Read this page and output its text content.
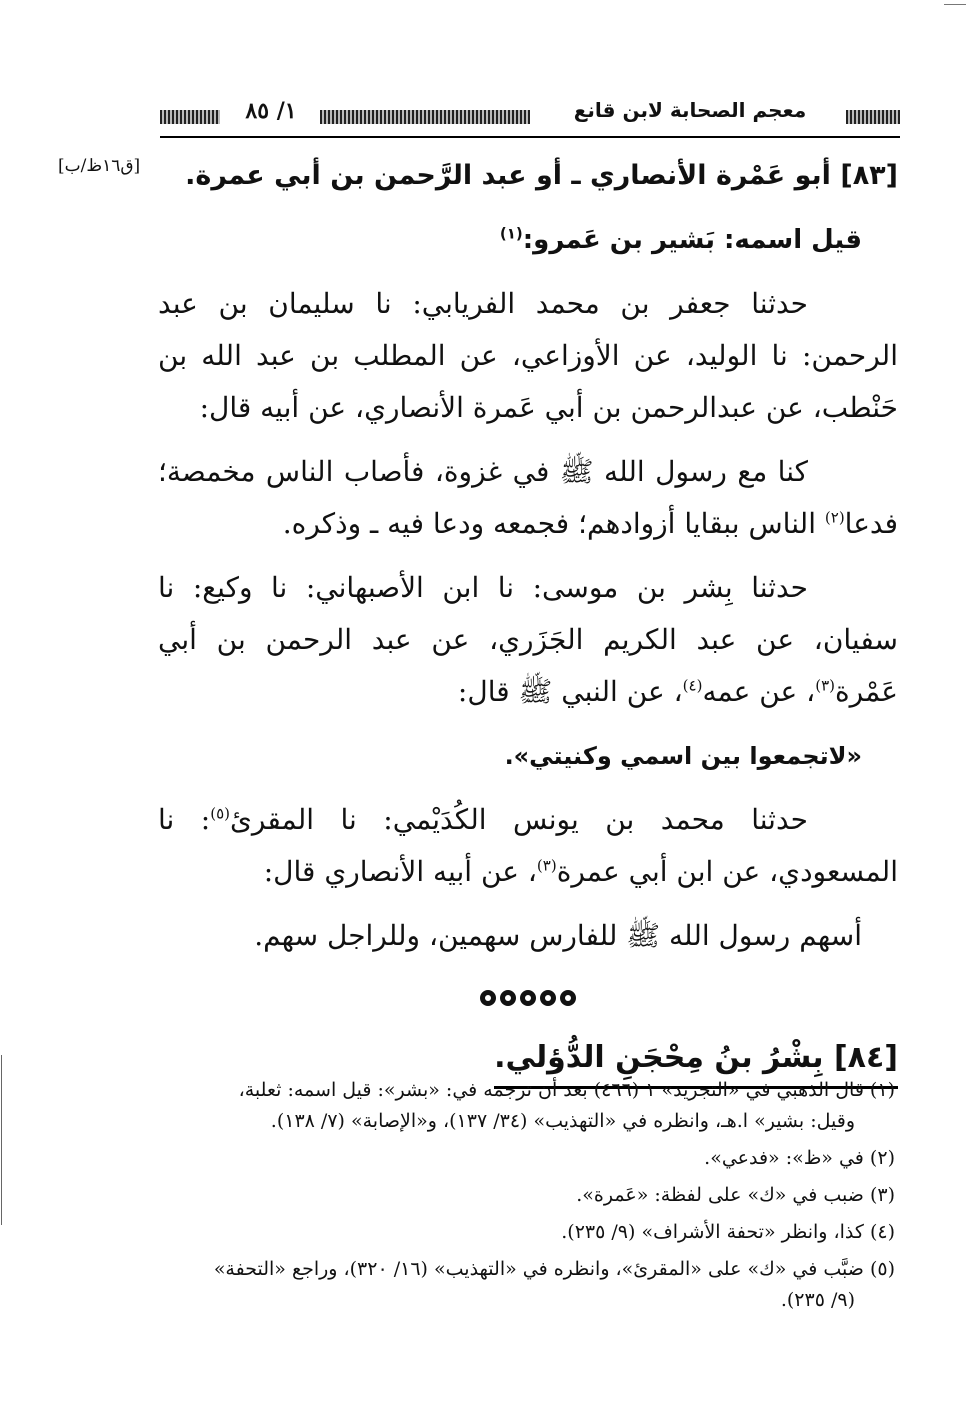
١/ ٨٥	معجم الصحابة لابن قانع
[ق١٦ظ/ب]	[٨٣] أبو عَمْرة الأنصاري ـ أو عبد الرَّحمن بن أبي عمرة.

قيل اسمه: بَشير بن عَمرو:$^{(١)}$

حدثنا جعفر بن محمد الفريابي: نا سليمان بن عبد الرحمن: نا الوليد، عن الأوزاعي، عن المطلب بن عبد الله بن حَنْطب، عن عبدالرحمن بن أبي عَمرة الأنصاري، عن أبيه قال:

كنا مع رسول الله ﷺ في غزوة، فأصاب الناس مخمصة؛ فدعا$^{(٢)}$ الناس ببقايا أزوادهم؛ فجمعه ودعا فيه ـ وذكره.

حدثنا بِشر بن موسى: نا ابن الأصبهاني: نا وكيع: نا سفيان، عن عبد الكريم الجَزَري، عن عبد الرحمن بن أبي عَمْرة$^{(٣)}$، عن عمه$^{(٤)}$، عن النبي ﷺ قال:

«لاتجمعوا بين اسمي وكنيتي».

حدثنا محمد بن يونس الكُدَيْمي: نا المقرئ$^{(٥)}$: نا المسعودي، عن ابن أبي عمرة$^{(٣)}$، عن أبيه الأنصاري قال:

أسهم رسول الله ﷺ للفارس سهمين، وللراجل سهم.

[٨٤] بِشْرُ بنُ مِحْجَنِ الدُّؤلي.
(١) قال الذهبي في «التجريد» ١ (٤٦٦) بعد أن ترجمه في: «بشر»: قيل اسمه: ثعلبة،
وقيل: بشير» ا.هـ، وانظره في «التهذيب» (٣٤/ ١٣٧)، و«الإصابة» (٧/ ١٣٨).
(٢) في «ظ»: «فدعي».
(٣) ضبب في «ك» على لفظة: «عَمرة».
(٤) كذا، وانظر «تحفة الأشراف» (٩/ ٢٣٥).
(٥) ضبَّب في «ك» على «المقرئ»، وانظره في «التهذيب» (١٦/ ٣٢٠)، وراجع «التحفة»
(٩/ ٢٣٥).
